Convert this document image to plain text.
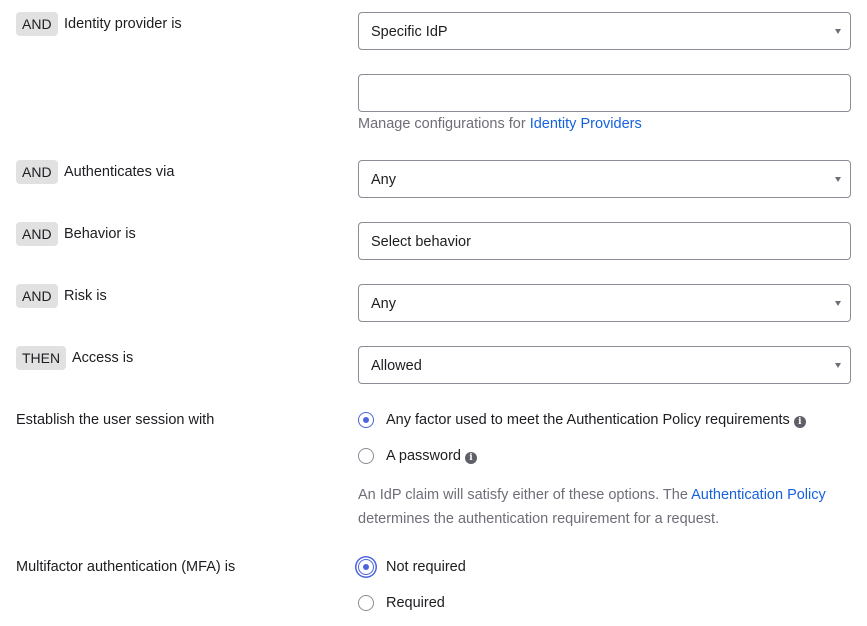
AND Identity provider is	Specific IdP
Manage configurations for Identity Providers
AND Authenticates via	Any
AND Behavior is	Select behavior
AND Risk is	Any
THEN Access is	Allowed
Establish the user session with	Any factor used to meet the Authentication Policy requirements i
A password i
An IdP claim will satisfy either of these options. The Authentication Policy
determines the authentication requirement for a request.
Multifactor authentication (MFA) is	Not required
Required
